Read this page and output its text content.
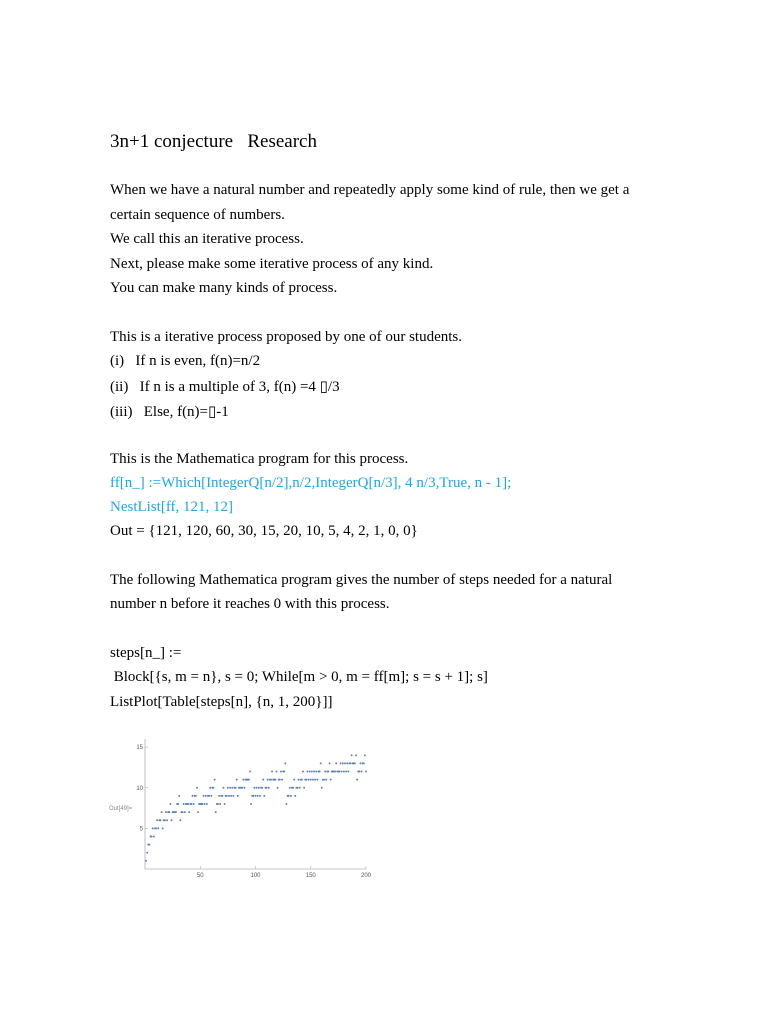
3n+1 conjecture   Research
When we have a natural number and repeatedly apply some kind of rule, then we get a
certain sequence of numbers.
We call this an iterative process.
Next, please make some iterative process of any kind.
You can make many kinds of process.
This is a iterative process proposed by one of our students.
(i)   If n is even, f(n)=n/2
(ii)   If n is a multiple of 3, f(n) =4 ▯/3
(iii)   Else, f(n)=▯-1
This is the Mathematica program for this process.
ff[n_] :=Which[IntegerQ[n/2],n/2,IntegerQ[n/3], 4 n/3,True, n - 1];
NestList[ff, 121, 12]
Out = {121, 120, 60, 30, 15, 20, 10, 5, 4, 2, 1, 0, 0}
The following Mathematica program gives the number of steps needed for a natural
number n before it reaches 0 with this process.
steps[n_] :=
Block[{s, m = n}, s = 0; While[m > 0, m = ff[m]; s = s + 1]; s]
ListPlot[Table[steps[n], {n, 1, 200}]]
Out[49]=
50	100	150	200
5
10
15
